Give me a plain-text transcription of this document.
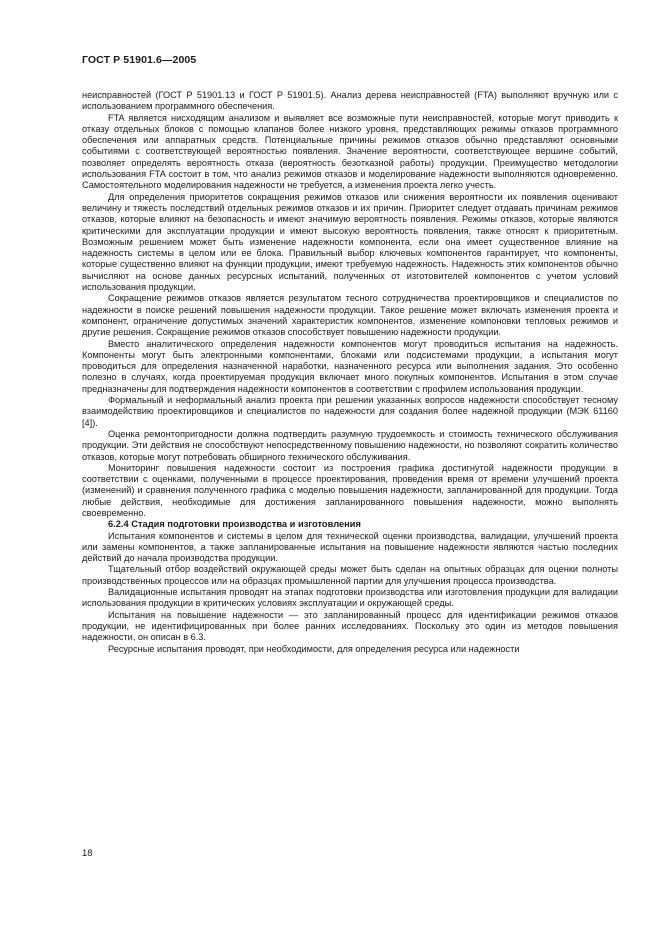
ГОСТ Р 51901.6—2005

неисправностей (ГОСТ Р 51901.13 и ГОСТ Р 51901.5). Анализ дерева неисправностей (FTA) выполняют вручную или с использованием программного обеспечения.

FTA является нисходящим анализом и выявляет все возможные пути неисправностей, которые могут приводить к отказу отдельных блоков с помощью клапанов более низкого уровня, представляющих режимы отказов программного обеспечения или аппаратных средств. Потенциальные причины режимов отказов обычно представляют основными событиями с соответствующей вероятностью появления. Значение вероятности, соответствующее вершине событий, позволяет определять вероятность отказа (вероятность безотказной работы) продукции. Преимущество методологии использования FTA состоит в том, что анализ режимов отказов и моделирование надежности выполняются одновременно. Самостоятельного моделирования надежности не требуется, а изменения проекта легко учесть.

Для определения приоритетов сокращения режимов отказов или снижения вероятности их появления оценивают величину и тяжесть последствий отдельных режимов отказов и их причин. Приоритет следует отдавать причинам режимов отказов, которые влияют на безопасность и имеют значимую вероятность появления. Режимы отказов, которые являются критическими для эксплуатации продукции и имеют высокую вероятность появления, также относят к приоритетным. Возможным решением может быть изменение надежности компонента, если она имеет существенное влияние на надежность системы в целом или ее блока. Правильный выбор ключевых компонентов гарантирует, что компоненты, которые существенно влияют на функции продукции, имеют требуемую надежность. Надежность этих компонентов обычно вычисляют на основе данных ресурсных испытаний, полученных от изготовителей компонентов с учетом условий использования продукции.

Сокращение режимов отказов является результатом тесного сотрудничества проектировщиков и специалистов по надежности в поиске решений повышения надежности продукции. Такое решение может включать изменения проекта и компонент, ограничение допустимых значений характеристик компонентов, изменение компоновки тепловых режимов и другие решения. Сокращение режимов отказов способствует повышению надежности продукции.

Вместо аналитического определения надежности компонентов могут проводиться испытания на надежность. Компоненты могут быть электронными компонентами, блоками или подсистемами продукции, а испытания могут проводиться для определения назначенной наработки, назначенного ресурса или выполнения задания. Это особенно полезно в случаях, когда проектируемая продукция включает много покупных компонентов. Испытания в этом случае предназначены для подтверждения надежности компонентов в соответствии с профилем использования продукции.

Формальный и неформальный анализ проекта при решении указанных вопросов надежности способствует тесному взаимодействию проектировщиков и специалистов по надежности для создания более надежной продукции (МЭК 61160 [4]).

Оценка ремонтопригодности должна подтвердить разумную трудоемкость и стоимость технического обслуживания продукции. Эти действия не способствуют непосредственному повышению надежности, но позволяют сократить количество отказов, которые могут потребовать обширного технического обслуживания.

Мониторинг повышения надежности состоит из построения графика достигнутой надежности продукции в соответствии с оценками, полученными в процессе проектирования, проведения время от времени улучшений проекта (изменений) и сравнения полученного графика с моделью повышения надежности, запланированной для продукции. Тогда любые действия, необходимые для достижения запланированного повышения надежности, можно выполнять своевременно.

6.2.4 Стадия подготовки производства и изготовления

Испытания компонентов и системы в целом для технической оценки производства, валидации, улучшений проекта или замены компонентов, а также запланированные испытания на повышение надежности являются частью последних действий до начала производства продукции.

Тщательный отбор воздействий окружающей среды может быть сделан на опытных образцах для оценки полноты производственных процессов или на образцах промышленной партии для улучшения процесса производства.

Валидационные испытания проводят на этапах подготовки производства или изготовления продукции для валидации использования продукции в критических условиях эксплуатации и окружающей среды.

Испытания на повышение надежности — это запланированный процесс для идентификации режимов отказов продукции, не идентифицированных при более ранних исследованиях. Поскольку это один из методов повышения надежности, он описан в 6.3.

Ресурсные испытания проводят, при необходимости, для определения ресурса или надежности

18
